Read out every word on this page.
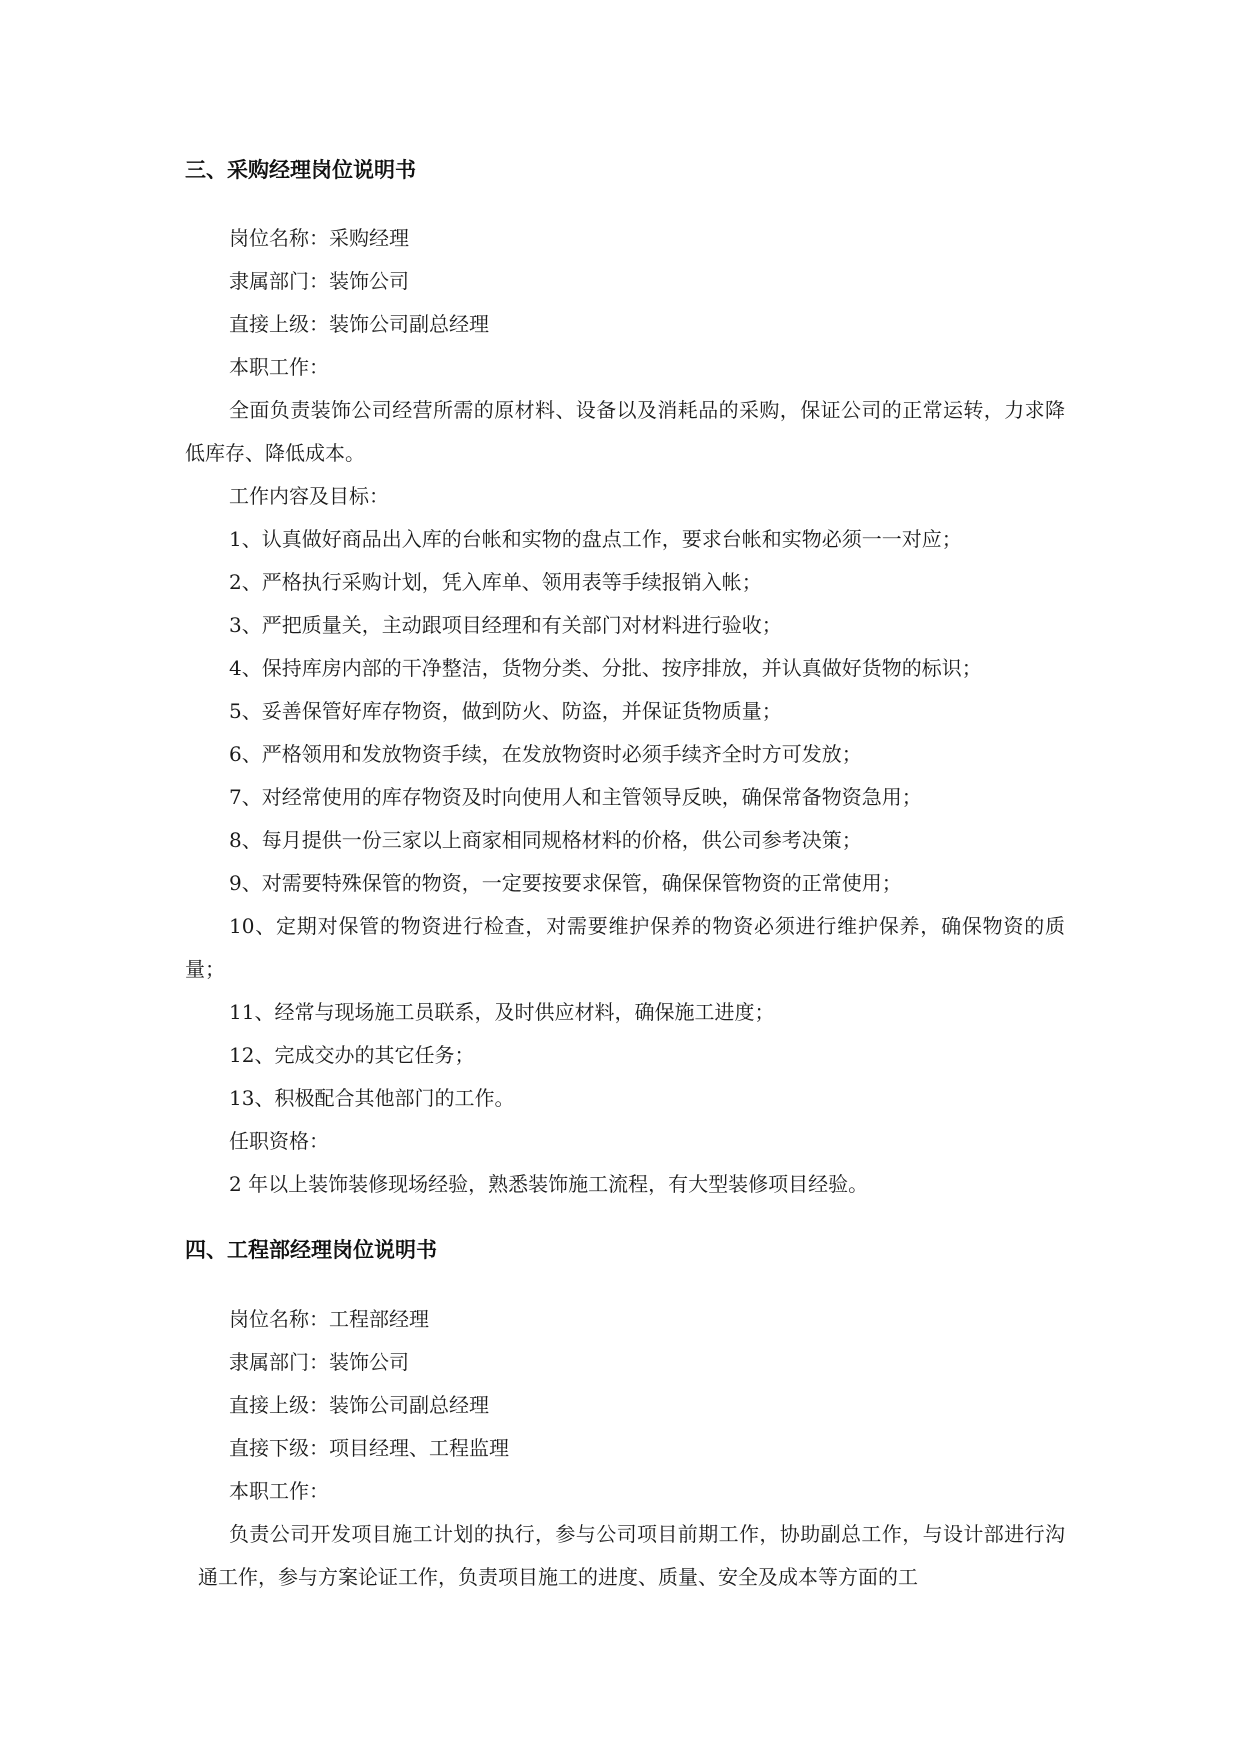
三、采购经理岗位说明书

岗位名称：采购经理

隶属部门：装饰公司

直接上级：装饰公司副总经理

本职工作：

全面负责装饰公司经营所需的原材料、设备以及消耗品的采购，保证公司的正常运转，力求降低库存、降低成本。

工作内容及目标：

1、认真做好商品出入库的台帐和实物的盘点工作，要求台帐和实物必须一一对应；

2、严格执行采购计划，凭入库单、领用表等手续报销入帐；

3、严把质量关，主动跟项目经理和有关部门对材料进行验收；

4、保持库房内部的干净整洁，货物分类、分批、按序排放，并认真做好货物的标识；

5、妥善保管好库存物资，做到防火、防盗，并保证货物质量；

6、严格领用和发放物资手续，在发放物资时必须手续齐全时方可发放；

7、对经常使用的库存物资及时向使用人和主管领导反映，确保常备物资急用；

8、每月提供一份三家以上商家相同规格材料的价格，供公司参考决策；

9、对需要特殊保管的物资，一定要按要求保管，确保保管物资的正常使用；

10、定期对保管的物资进行检查，对需要维护保养的物资必须进行维护保养，确保物资的质量；

11、经常与现场施工员联系，及时供应材料，确保施工进度；

12、完成交办的其它任务；

13、积极配合其他部门的工作。

任职资格：

2 年以上装饰装修现场经验，熟悉装饰施工流程，有大型装修项目经验。

四、工程部经理岗位说明书

岗位名称：工程部经理

隶属部门：装饰公司

直接上级：装饰公司副总经理

直接下级：项目经理、工程监理

本职工作：

负责公司开发项目施工计划的执行，参与公司项目前期工作，协助副总工作，与设计部进行沟通工作，参与方案论证工作，负责项目施工的进度、质量、安全及成本等方面的工
